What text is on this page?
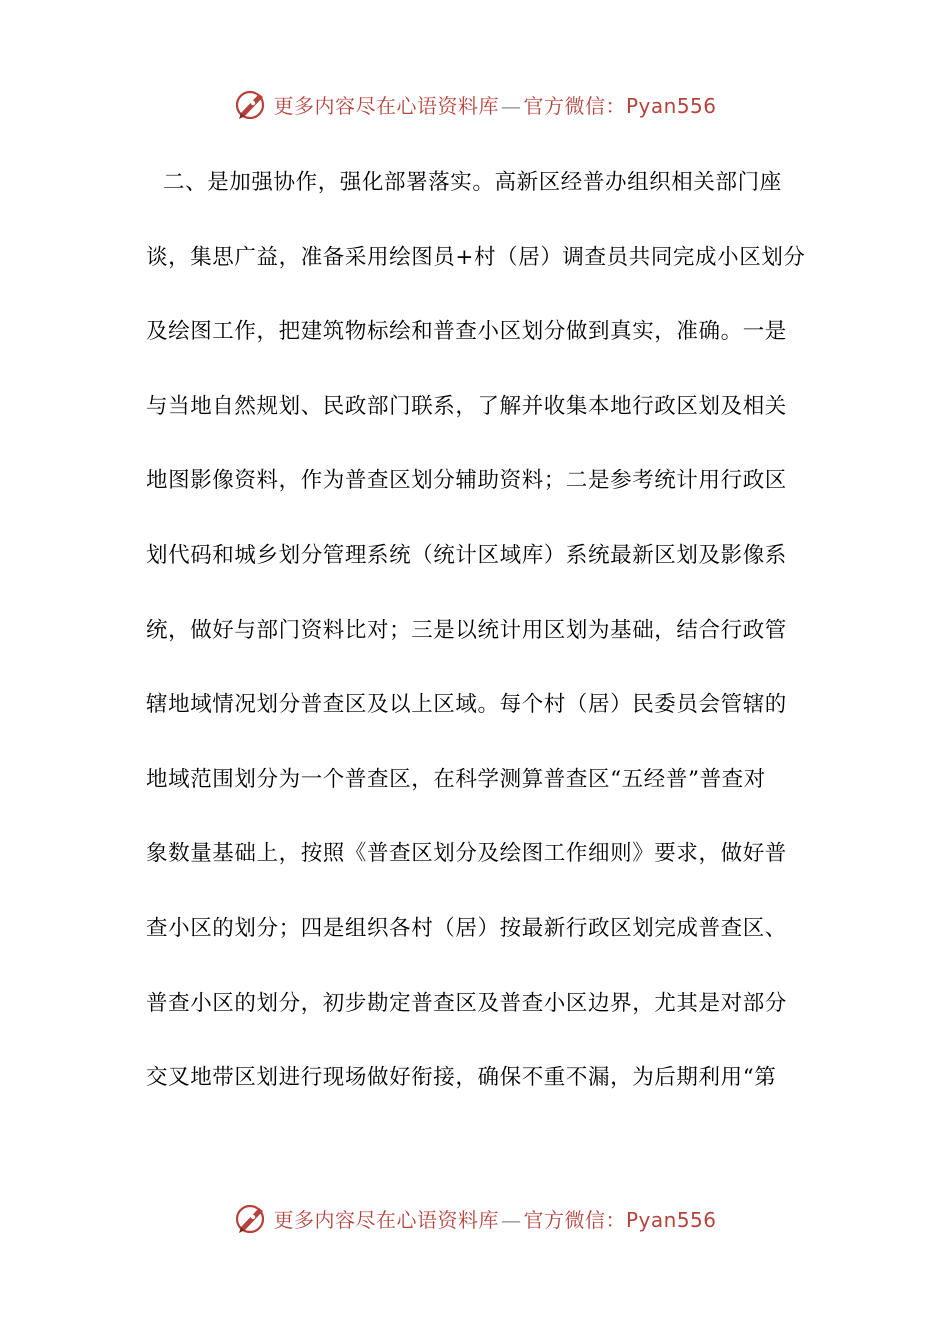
更多内容尽在心语资料库 — 官方微信：Pyan556
二、是加强协作，强化部署落实。高新区经普办组织相关部门座
谈，集思广益，准备采用绘图员+村（居）调查员共同完成小区划分
及绘图工作，把建筑物标绘和普查小区划分做到真实，准确。一是
与当地自然规划、民政部门联系，了解并收集本地行政区划及相关
地图影像资料，作为普查区划分辅助资料；二是参考统计用行政区
划代码和城乡划分管理系统（统计区域库）系统最新区划及影像系
统，做好与部门资料比对；三是以统计用区划为基础，结合行政管
辖地域情况划分普查区及以上区域。每个村（居）民委员会管辖的
地域范围划分为一个普查区，在科学测算普查区“五经普”普查对
象数量基础上，按照《普查区划分及绘图工作细则》要求，做好普
查小区的划分；四是组织各村（居）按最新行政区划完成普查区、
普查小区的划分，初步勘定普查区及普查小区边界，尤其是对部分
交叉地带区划进行现场做好衔接，确保不重不漏，为后期利用“第
更多内容尽在心语资料库 — 官方微信：Pyan556
